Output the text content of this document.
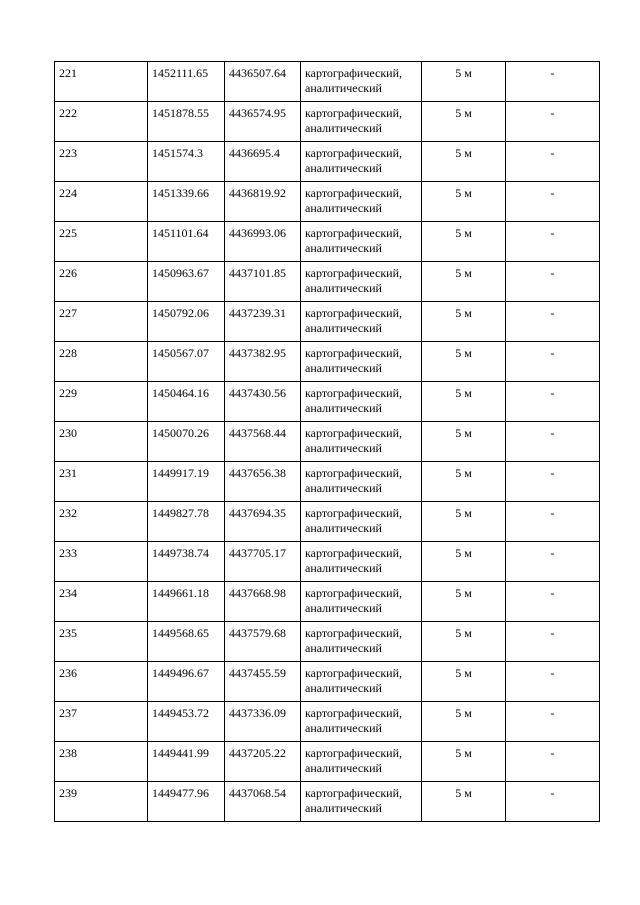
221	1452111.65	4436507.64	картографический, аналитический	5 м	-
222	1451878.55	4436574.95	картографический, аналитический	5 м	-
223	1451574.3	4436695.4	картографический, аналитический	5 м	-
224	1451339.66	4436819.92	картографический, аналитический	5 м	-
225	1451101.64	4436993.06	картографический, аналитический	5 м	-
226	1450963.67	4437101.85	картографический, аналитический	5 м	-
227	1450792.06	4437239.31	картографический, аналитический	5 м	-
228	1450567.07	4437382.95	картографический, аналитический	5 м	-
229	1450464.16	4437430.56	картографический, аналитический	5 м	-
230	1450070.26	4437568.44	картографический, аналитический	5 м	-
231	1449917.19	4437656.38	картографический, аналитический	5 м	-
232	1449827.78	4437694.35	картографический, аналитический	5 м	-
233	1449738.74	4437705.17	картографический, аналитический	5 м	-
234	1449661.18	4437668.98	картографический, аналитический	5 м	-
235	1449568.65	4437579.68	картографический, аналитический	5 м	-
236	1449496.67	4437455.59	картографический, аналитический	5 м	-
237	1449453.72	4437336.09	картографический, аналитический	5 м	-
238	1449441.99	4437205.22	картографический, аналитический	5 м	-
239	1449477.96	4437068.54	картографический, аналитический	5 м	-
